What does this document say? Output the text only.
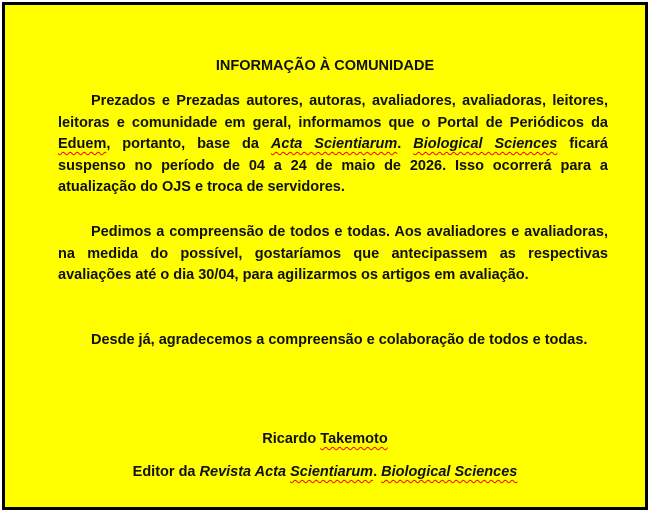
INFORMAÇÃO À COMUNIDADE

Prezados e Prezadas autores, autoras, avaliadores, avaliadoras, leitores, leitoras e comunidade em geral, informamos que o Portal de Periódicos da Eduem, portanto, base da Acta Scientiarum. Biological Sciences ficará suspenso no período de 04 a 24 de maio de 2026. Isso ocorrerá para a atualização do OJS e troca de servidores.

Pedimos a compreensão de todos e todas. Aos avaliadores e avaliadoras, na medida do possível, gostaríamos que antecipassem as respectivas avaliações até o dia 30/04, para agilizarmos os artigos em avaliação.

Desde já, agradecemos a compreensão e colaboração de todos e todas.

Ricardo Takemoto
Editor da Revista Acta Scientiarum. Biological Sciences
